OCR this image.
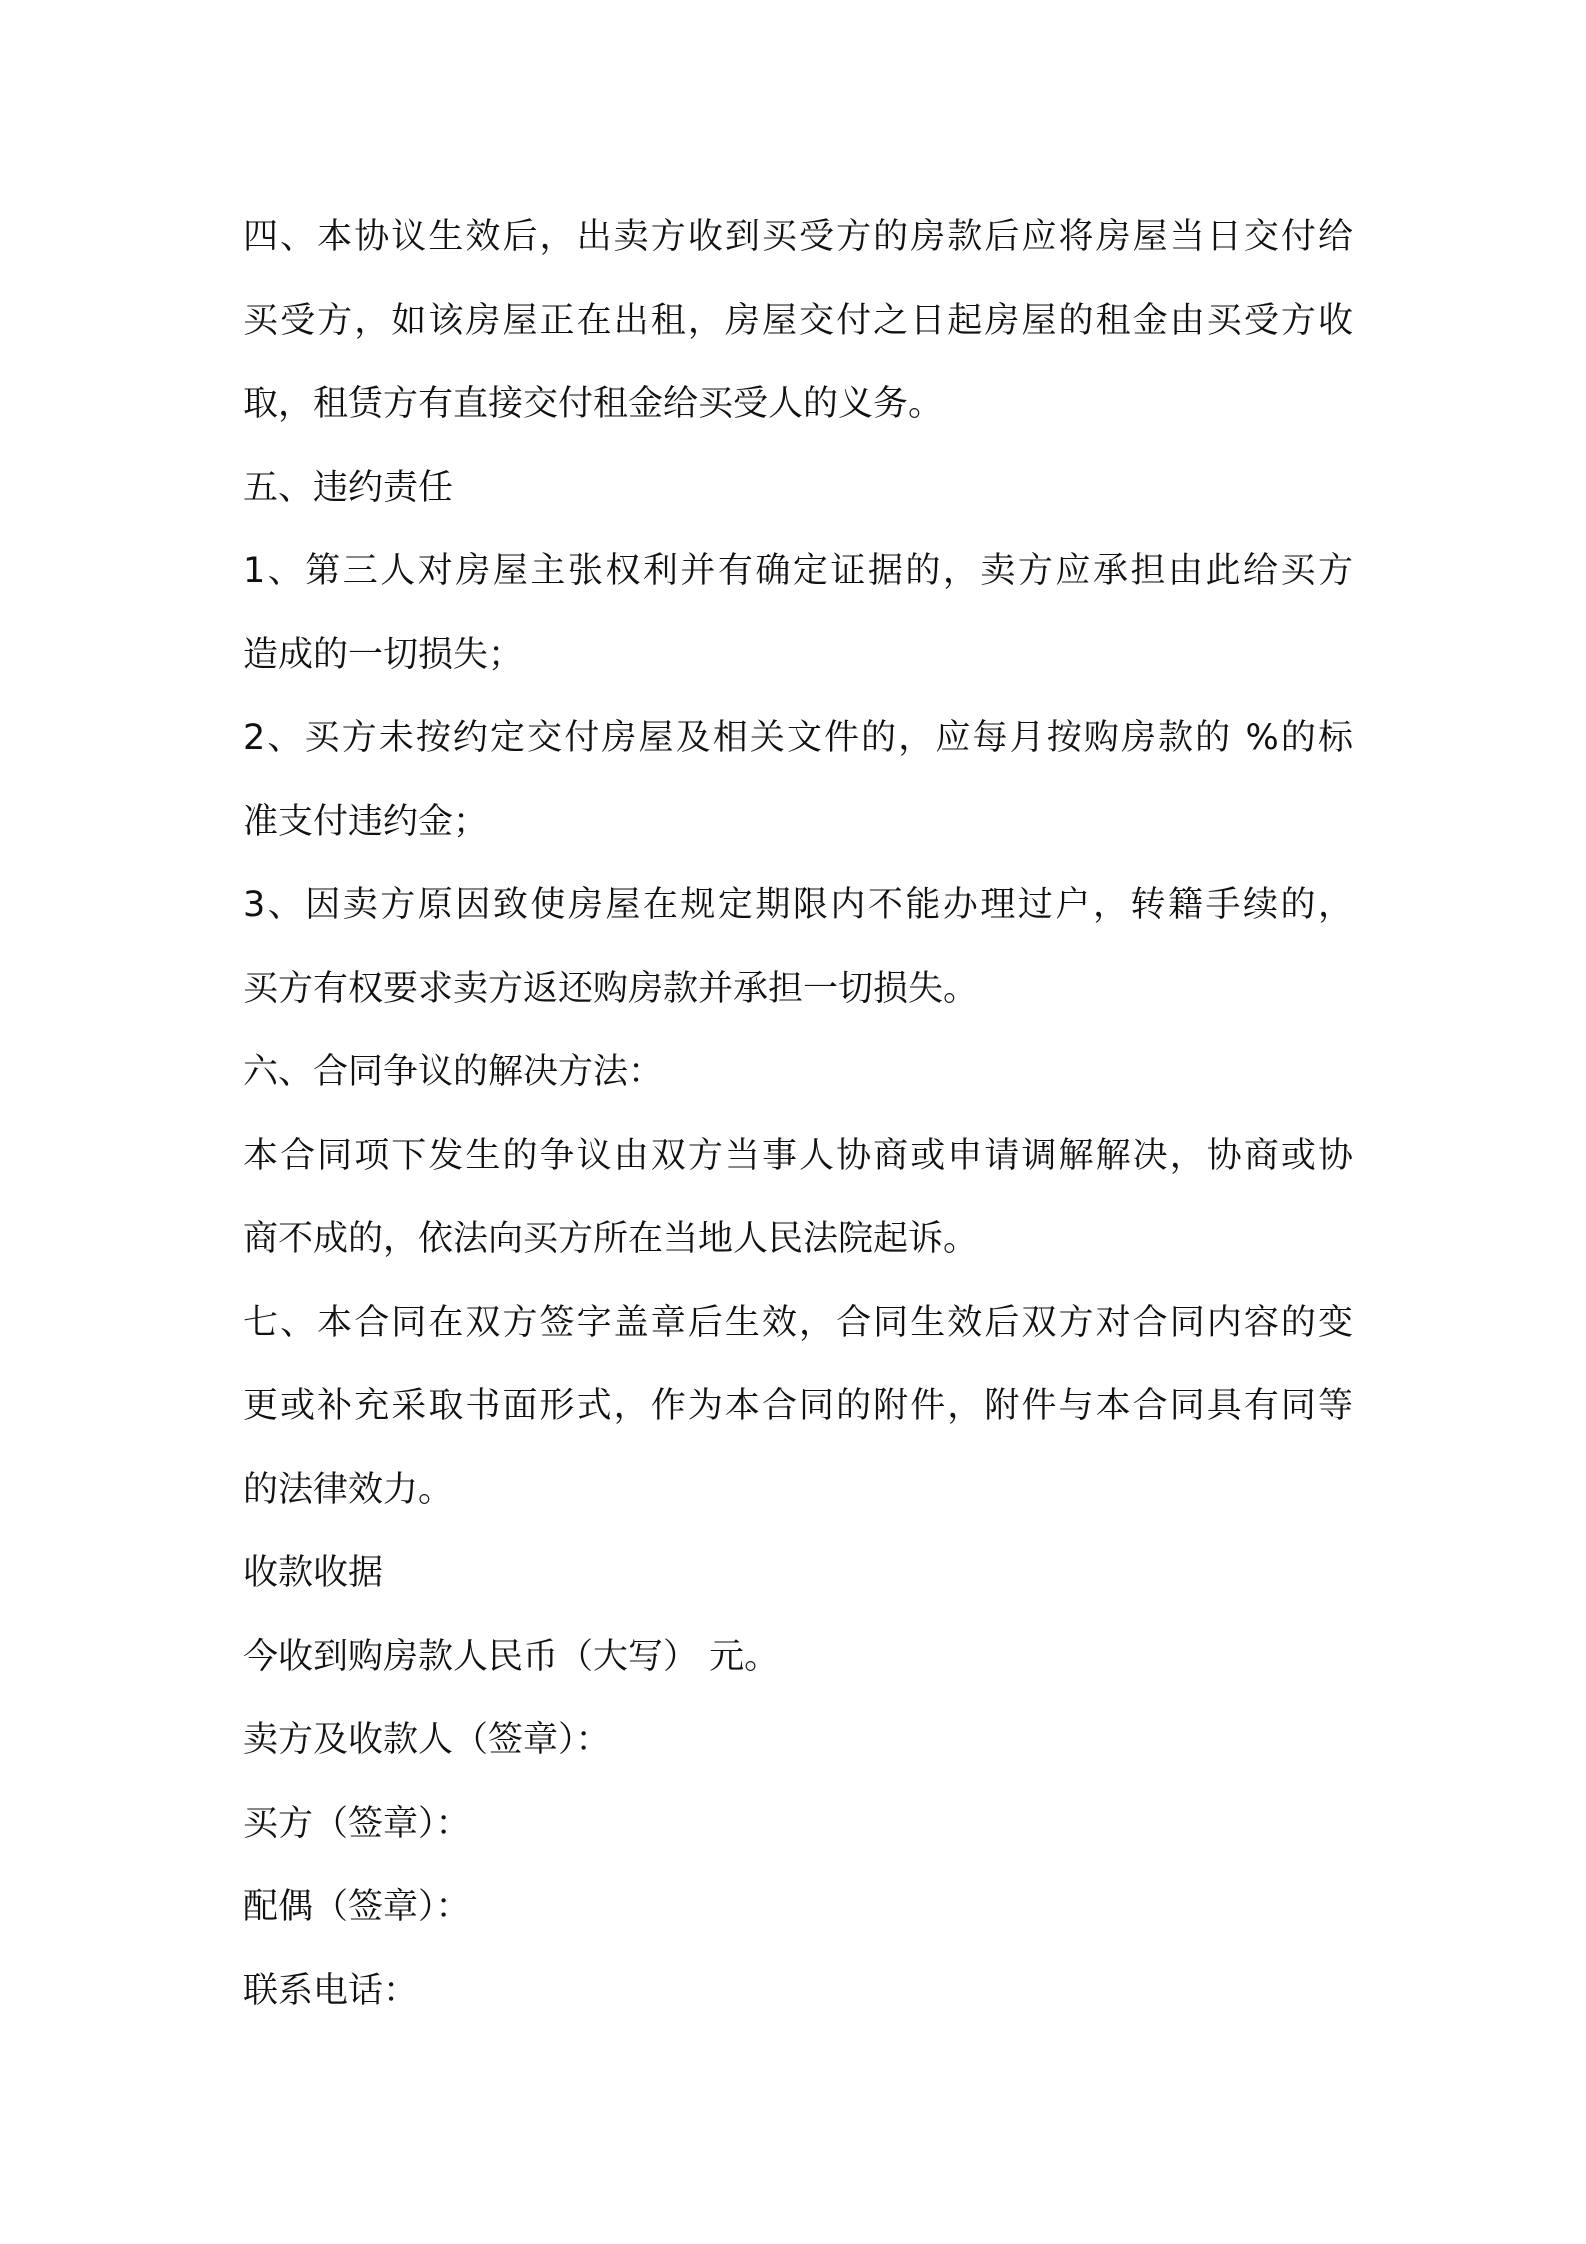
四、本协议生效后，出卖方收到买受方的房款后应将房屋当日交付给
买受方，如该房屋正在出租，房屋交付之日起房屋的租金由买受方收
取，租赁方有直接交付租金给买受人的义务。
五、违约责任
1、第三人对房屋主张权利并有确定证据的，卖方应承担由此给买方
造成的一切损失；
2、买方未按约定交付房屋及相关文件的，应每月按购房款的 %的标
准支付违约金；
3、因卖方原因致使房屋在规定期限内不能办理过户，转籍手续的，
买方有权要求卖方返还购房款并承担一切损失。
六、合同争议的解决方法：
本合同项下发生的争议由双方当事人协商或申请调解解决，协商或协
商不成的，依法向买方所在当地人民法院起诉。
七、本合同在双方签字盖章后生效，合同生效后双方对合同内容的变
更或补充采取书面形式，作为本合同的附件，附件与本合同具有同等
的法律效力。
收款收据
今收到购房款人民币（大写） 元。
卖方及收款人（签章）：
买方（签章）：
配偶（签章）：
联系电话：
